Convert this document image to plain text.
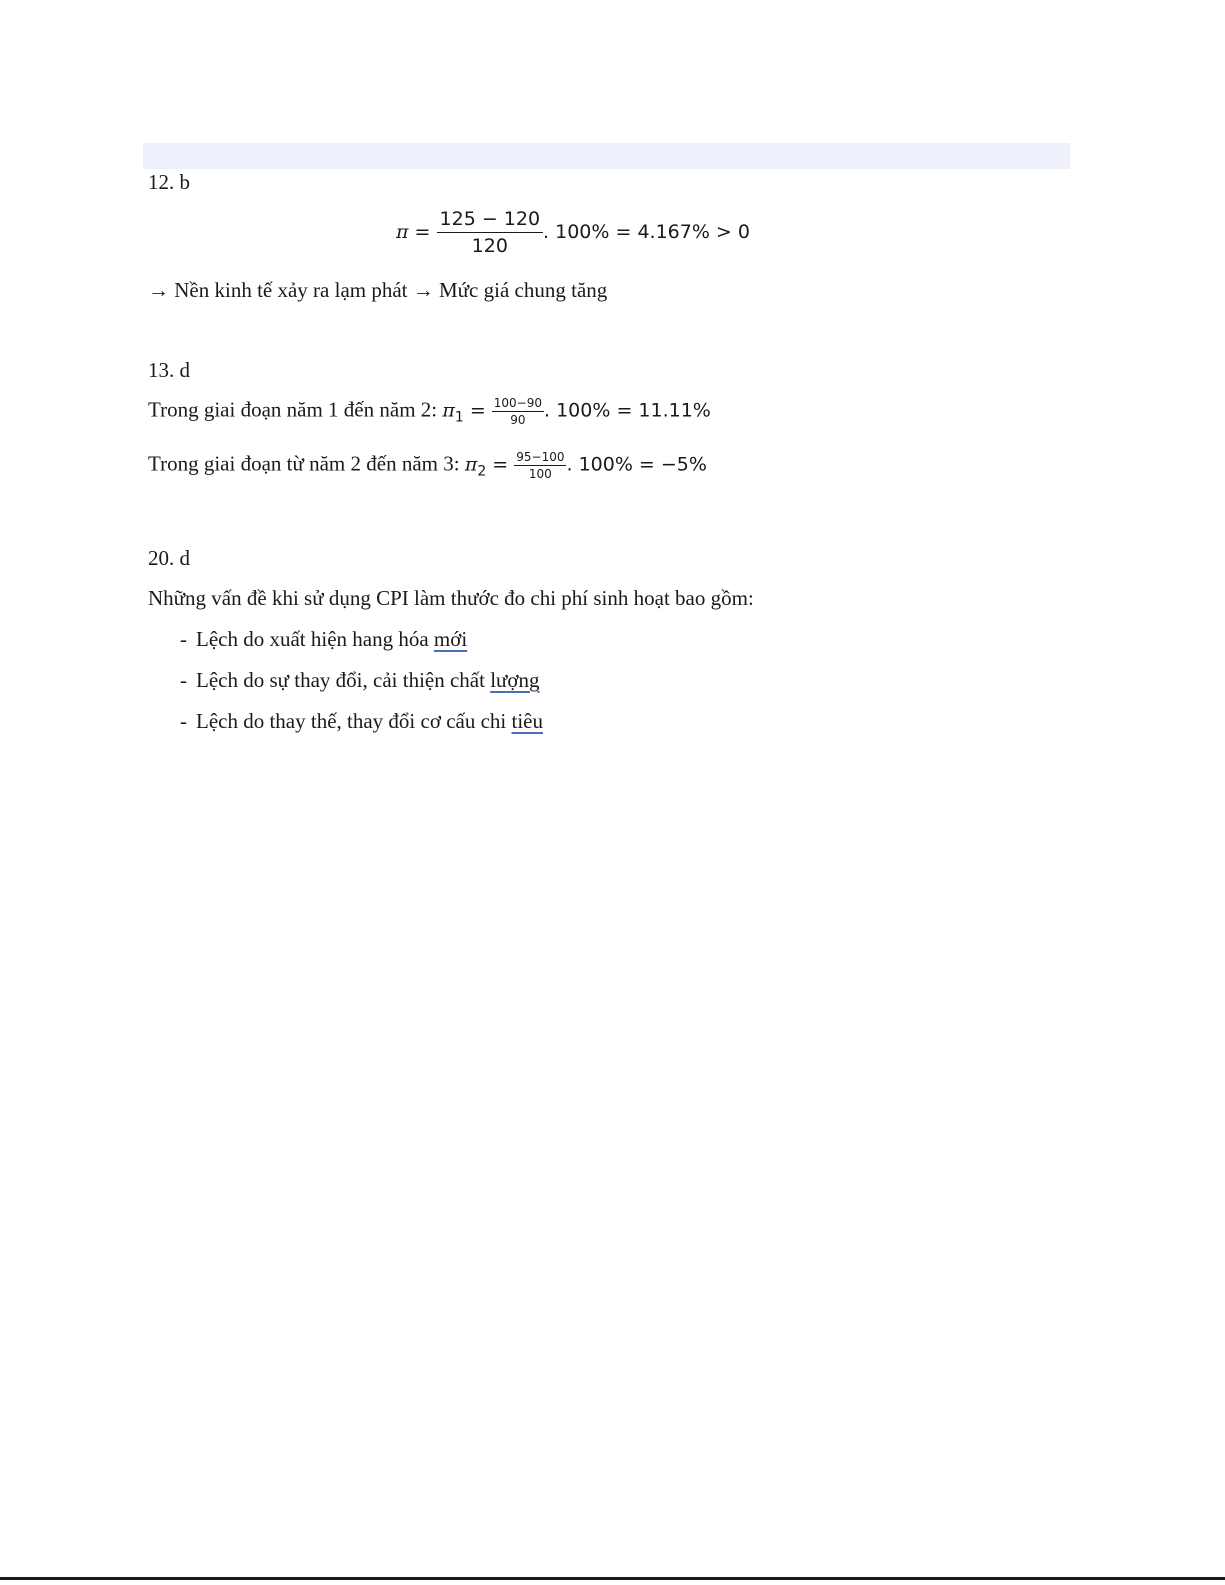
12. b
$\pi = \frac{125 - 120}{120}$ . 100% = 4.167% > 0
→ Nền kinh tế xảy ra lạm phát → Mức giá chung tăng
13. d
Trong giai đoạn năm 1 đến năm 2: $\pi_1 = \frac{100-90}{90}$ . 100% = 11.11%
Trong giai đoạn từ năm 2 đến năm 3: $\pi_2 = \frac{95-100}{100}$ . 100% = −5%
20. d
Những vấn đề khi sử dụng CPI làm thước đo chi phí sinh hoạt bao gồm:
- Lệch do xuất hiện hang hóa mới
- Lệch do sự thay đổi, cải thiện chất lượng
- Lệch do thay thế, thay đổi cơ cấu chi tiêu
